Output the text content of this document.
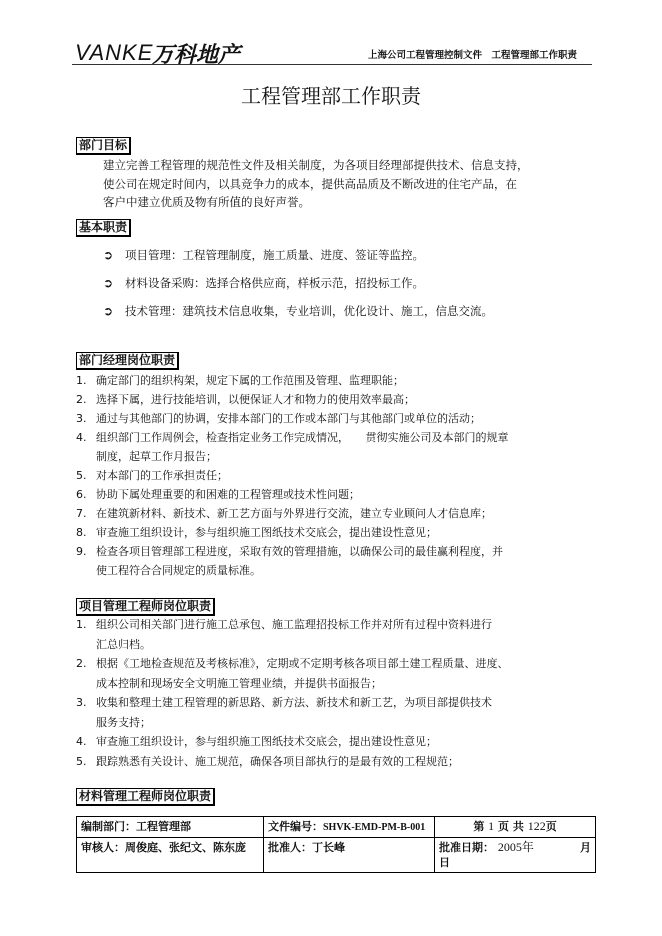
VANKE
万科地产	上海公司工程管理控制文件　工程管理部工作职责
工程管理部工作职责
部门目标
建立完善工程管理的规范性文件及相关制度，为各项目经理部提供技术、信息支持，
使公司在规定时间内，以具竞争力的成本，提供高品质及不断改进的住宅产品，在
客户中建立优质及物有所值的良好声誉。
基本职责
➲ 项目管理：工程管理制度，施工质量、进度、签证等监控。
➲ 材料设备采购：选择合格供应商，样板示范，招投标工作。
➲ 技术管理：建筑技术信息收集，专业培训，优化设计、施工，信息交流。
部门经理岗位职责
1. 确定部门的组织构架，规定下属的工作范围及管理、监理职能；
2. 选择下属，进行技能培训，以便保证人才和物力的使用效率最高；
3. 通过与其他部门的协调，安排本部门的工作或本部门与其他部门或单位的活动；
4. 组织部门工作周例会，检查指定业务工作完成情况，　　贯彻实施公司及本部门的规章
制度，起草工作月报告；
5. 对本部门的工作承担责任；
6. 协助下属处理重要的和困难的工程管理或技术性问题；
7. 在建筑新材料、新技术、新工艺方面与外界进行交流，建立专业顾问人才信息库；
8. 审查施工组织设计，参与组织施工图纸技术交底会，提出建设性意见；
9. 检查各项目管理部工程进度，采取有效的管理措施，以确保公司的最佳赢利程度，并
使工程符合合同规定的质量标准。
项目管理工程师岗位职责
1. 组织公司相关部门进行施工总承包、施工监理招投标工作并对所有过程中资料进行
汇总归档。
2. 根据《工地检查规范及考核标准》，定期或不定期考核各项目部土建工程质量、进度、
成本控制和现场安全文明施工管理业绩，并提供书面报告；
3. 收集和整理土建工程管理的新思路、新方法、新技术和新工艺，为项目部提供技术
服务支持；
4. 审查施工组织设计，参与组织施工图纸技术交底会，提出建设性意见；
5. 跟踪熟悉有关设计、施工规范，确保各项目部执行的是最有效的工程规范；
材料管理工程师岗位职责
编制部门：工程管理部	文件编号：SHVK-EMD-PM-B-001	第 1 页 共 122页
审核人：周俊庭、张纪文、陈东庞	批准人：丁长峰	批准日期： 2005年 月
日
